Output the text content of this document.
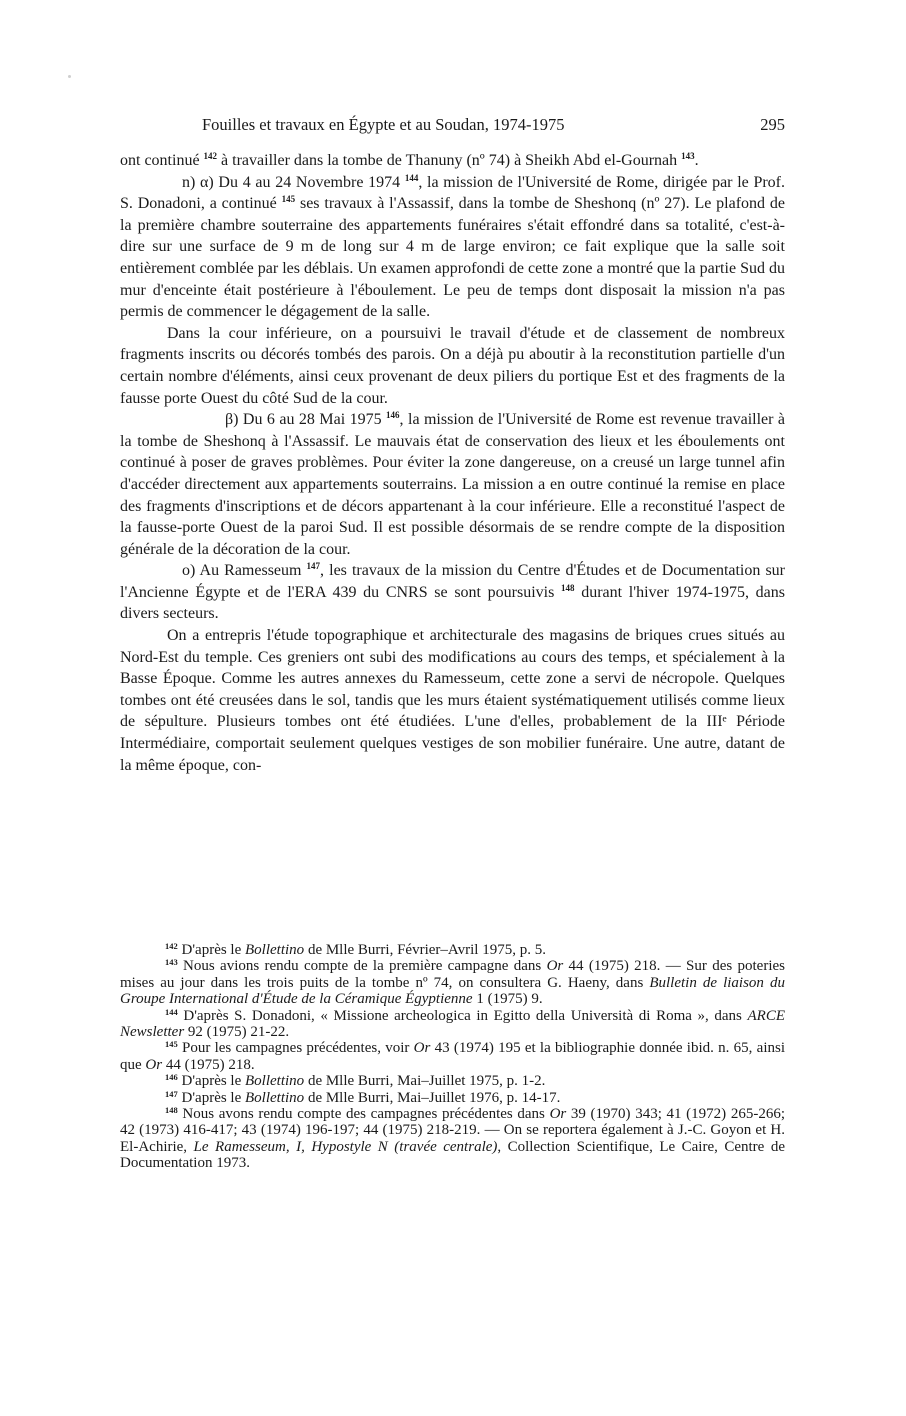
Fouilles et travaux en Égypte et au Soudan, 1974-1975	295

ont continué $^{142}$ à travailler dans la tombe de Thanuny (nº 74) à Sheikh Abd el-Gournah $^{143}$.

n) α) Du 4 au 24 Novembre 1974 $^{144}$, la mission de l'Université de Rome, dirigée par le Prof. S. Donadoni, a continué $^{145}$ ses travaux à l'Assassif, dans la tombe de Sheshonq (nº 27). Le plafond de la première chambre souterraine des appartements funéraires s'était effondré dans sa totalité, c'est-à-dire sur une surface de 9 m de long sur 4 m de large environ; ce fait explique que la salle soit entièrement comblée par les déblais. Un examen approfondi de cette zone a montré que la partie Sud du mur d'enceinte était postérieure à l'éboulement. Le peu de temps dont disposait la mission n'a pas permis de commencer le dégagement de la salle.

Dans la cour inférieure, on a poursuivi le travail d'étude et de classement de nombreux fragments inscrits ou décorés tombés des parois. On a déjà pu aboutir à la reconstitution partielle d'un certain nombre d'éléments, ainsi ceux provenant de deux piliers du portique Est et des fragments de la fausse porte Ouest du côté Sud de la cour.

β) Du 6 au 28 Mai 1975 $^{146}$, la mission de l'Université de Rome est revenue travailler à la tombe de Sheshonq à l'Assassif. Le mauvais état de conservation des lieux et les éboulements ont continué à poser de graves problèmes. Pour éviter la zone dangereuse, on a creusé un large tunnel afin d'accéder directement aux appartements souterrains. La mission a en outre continué la remise en place des fragments d'inscriptions et de décors appartenant à la cour inférieure. Elle a reconstitué l'aspect de la fausse-porte Ouest de la paroi Sud. Il est possible désormais de se rendre compte de la disposition générale de la décoration de la cour.

o) Au Ramesseum $^{147}$, les travaux de la mission du Centre d'Études et de Documentation sur l'Ancienne Égypte et de l'ERA 439 du CNRS se sont poursuivis $^{148}$ durant l'hiver 1974-1975, dans divers secteurs.

On a entrepris l'étude topographique et architecturale des magasins de briques crues situés au Nord-Est du temple. Ces greniers ont subi des modifications au cours des temps, et spécialement à la Basse Époque. Comme les autres annexes du Ramesseum, cette zone a servi de nécropole. Quelques tombes ont été creusées dans le sol, tandis que les murs étaient systématiquement utilisés comme lieux de sépulture. Plusieurs tombes ont été étudiées. L'une d'elles, probablement de la IIIᵉ Période Intermédiaire, comportait seulement quelques vestiges de son mobilier funéraire. Une autre, datant de la même époque, con-

$^{142}$ D'après le Bollettino de Mlle Burri, Février–Avril 1975, p. 5.

$^{143}$ Nous avions rendu compte de la première campagne dans Or 44 (1975) 218. — Sur des poteries mises au jour dans les trois puits de la tombe nº 74, on consultera G. Haeny, dans Bulletin de liaison du Groupe International d'Étude de la Céramique Égyptienne 1 (1975) 9.

$^{144}$ D'après S. Donadoni, « Missione archeologica in Egitto della Università di Roma », dans ARCE Newsletter 92 (1975) 21-22.

$^{145}$ Pour les campagnes précédentes, voir Or 43 (1974) 195 et la bibliographie donnée ibid. n. 65, ainsi que Or 44 (1975) 218.

$^{146}$ D'après le Bollettino de Mlle Burri, Mai–Juillet 1975, p. 1-2.

$^{147}$ D'après le Bollettino de Mlle Burri, Mai–Juillet 1976, p. 14-17.

$^{148}$ Nous avons rendu compte des campagnes précédentes dans Or 39 (1970) 343; 41 (1972) 265-266; 42 (1973) 416-417; 43 (1974) 196-197; 44 (1975) 218-219. — On se reportera également à J.-C. Goyon et H. El-Achirie, Le Ramesseum, I, Hypostyle N (travée centrale), Collection Scientifique, Le Caire, Centre de Documentation 1973.
